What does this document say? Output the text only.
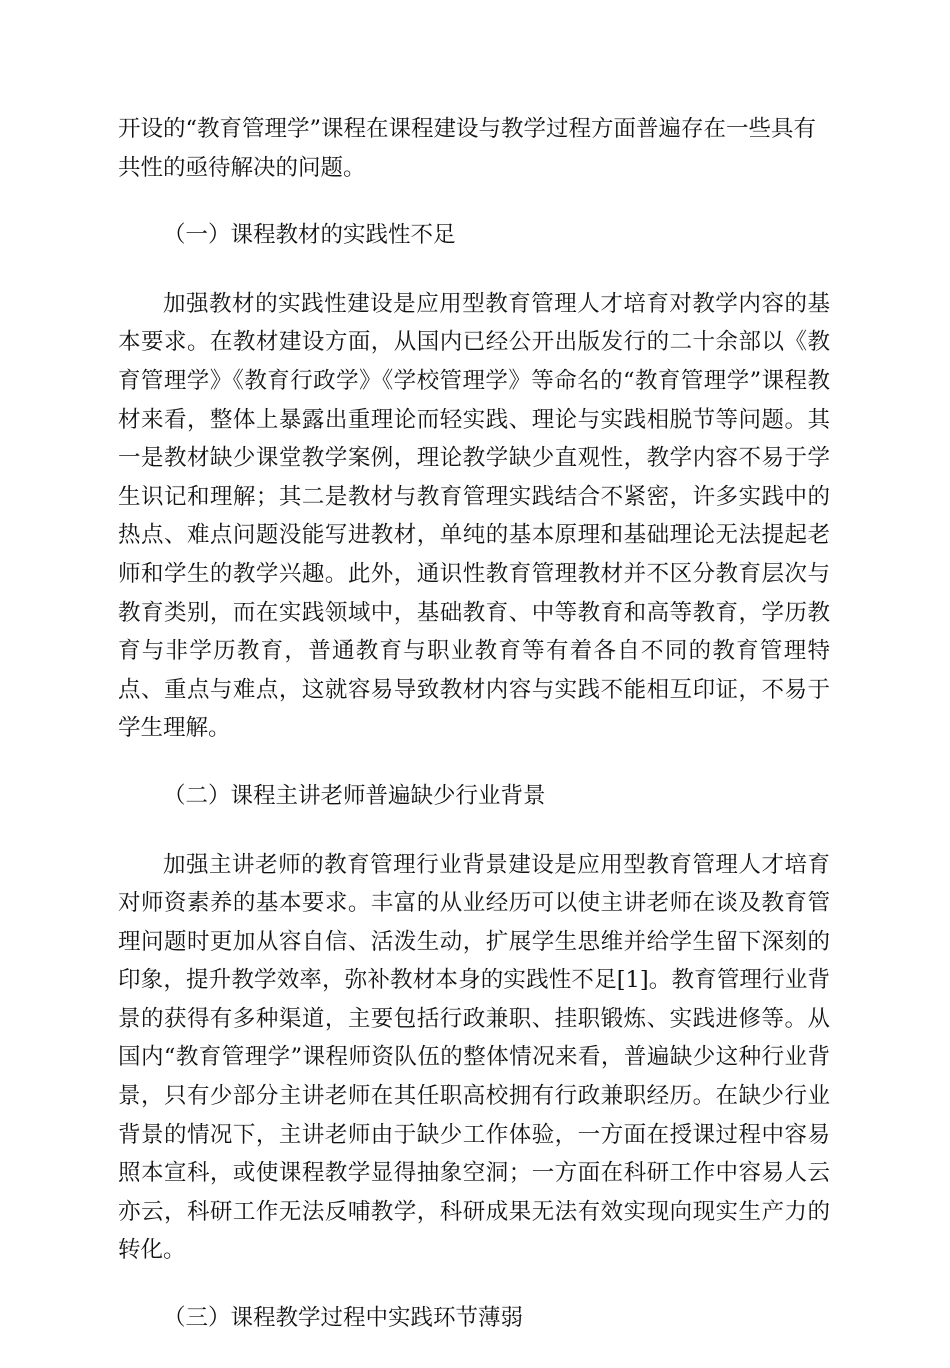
开设的“教育管理学”课程在课程建设与教学过程方面普遍存在一些具有共性的亟待解决的问题。

（一）课程教材的实践性不足

加强教材的实践性建设是应用型教育管理人才培育对教学内容的基本要求。在教材建设方面，从国内已经公开出版发行的二十余部以《教育管理学》《教育行政学》《学校管理学》等命名的“教育管理学”课程教材来看，整体上暴露出重理论而轻实践、理论与实践相脱节等问题。其一是教材缺少课堂教学案例，理论教学缺少直观性，教学内容不易于学生识记和理解；其二是教材与教育管理实践结合不紧密，许多实践中的热点、难点问题没能写进教材，单纯的基本原理和基础理论无法提起老师和学生的教学兴趣。此外，通识性教育管理教材并不区分教育层次与教育类别，而在实践领域中，基础教育、中等教育和高等教育，学历教育与非学历教育，普通教育与职业教育等有着各自不同的教育管理特点、重点与难点，这就容易导致教材内容与实践不能相互印证，不易于学生理解。

（二）课程主讲老师普遍缺少行业背景

加强主讲老师的教育管理行业背景建设是应用型教育管理人才培育对师资素养的基本要求。丰富的从业经历可以使主讲老师在谈及教育管理问题时更加从容自信、活泼生动，扩展学生思维并给学生留下深刻的印象，提升教学效率，弥补教材本身的实践性不足[1]。教育管理行业背景的获得有多种渠道，主要包括行政兼职、挂职锻炼、实践进修等。从国内“教育管理学”课程师资队伍的整体情况来看，普遍缺少这种行业背景，只有少部分主讲老师在其任职高校拥有行政兼职经历。在缺少行业背景的情况下，主讲老师由于缺少工作体验，一方面在授课过程中容易照本宣科，或使课程教学显得抽象空洞；一方面在科研工作中容易人云亦云，科研工作无法反哺教学，科研成果无法有效实现向现实生产力的转化。

（三）课程教学过程中实践环节薄弱
